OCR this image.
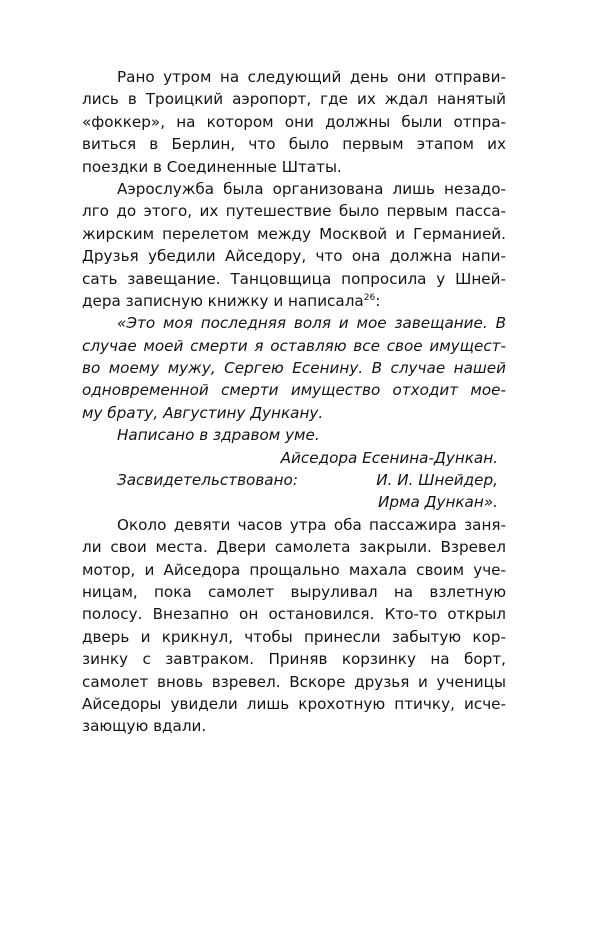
Рано утром на следующий день они отправи-
лись в Троицкий аэропорт, где их ждал нанятый
«фоккер», на котором они должны были отпра-
виться в Берлин, что было первым этапом их
поездки в Соединенные Штаты.
Аэрослужба была организована лишь незадо-
лго до этого, их путешествие было первым пасса-
жирским перелетом между Москвой и Германией.
Друзья убедили Айседору, что она должна напи-
сать завещание. Танцовщица попросила у Шней-
дера записную книжку и написала$^{26}$:
«Это моя последняя воля и мое завещание. В
случае моей смерти я оставляю все свое имущест-
во моему мужу, Сергею Есенину. В случае нашей
одновременной смерти имущество отходит мое-
му брату, Августину Дункану.
Написано в здравом уме.
Айседора Есенина-Дункан.
Засвидетельствовано:	И. И. Шнейдер,
Ирма Дункан».
Около девяти часов утра оба пассажира заня-
ли свои места. Двери самолета закрыли. Взревел
мотор, и Айседора прощально махала своим уче-
ницам, пока самолет выруливал на взлетную
полосу. Внезапно он остановился. Кто-то открыл
дверь и крикнул, чтобы принесли забытую кор-
зинку с завтраком. Приняв корзинку на борт,
самолет вновь взревел. Вскоре друзья и ученицы
Айседоры увидели лишь крохотную птичку, исче-
зающую вдали.
